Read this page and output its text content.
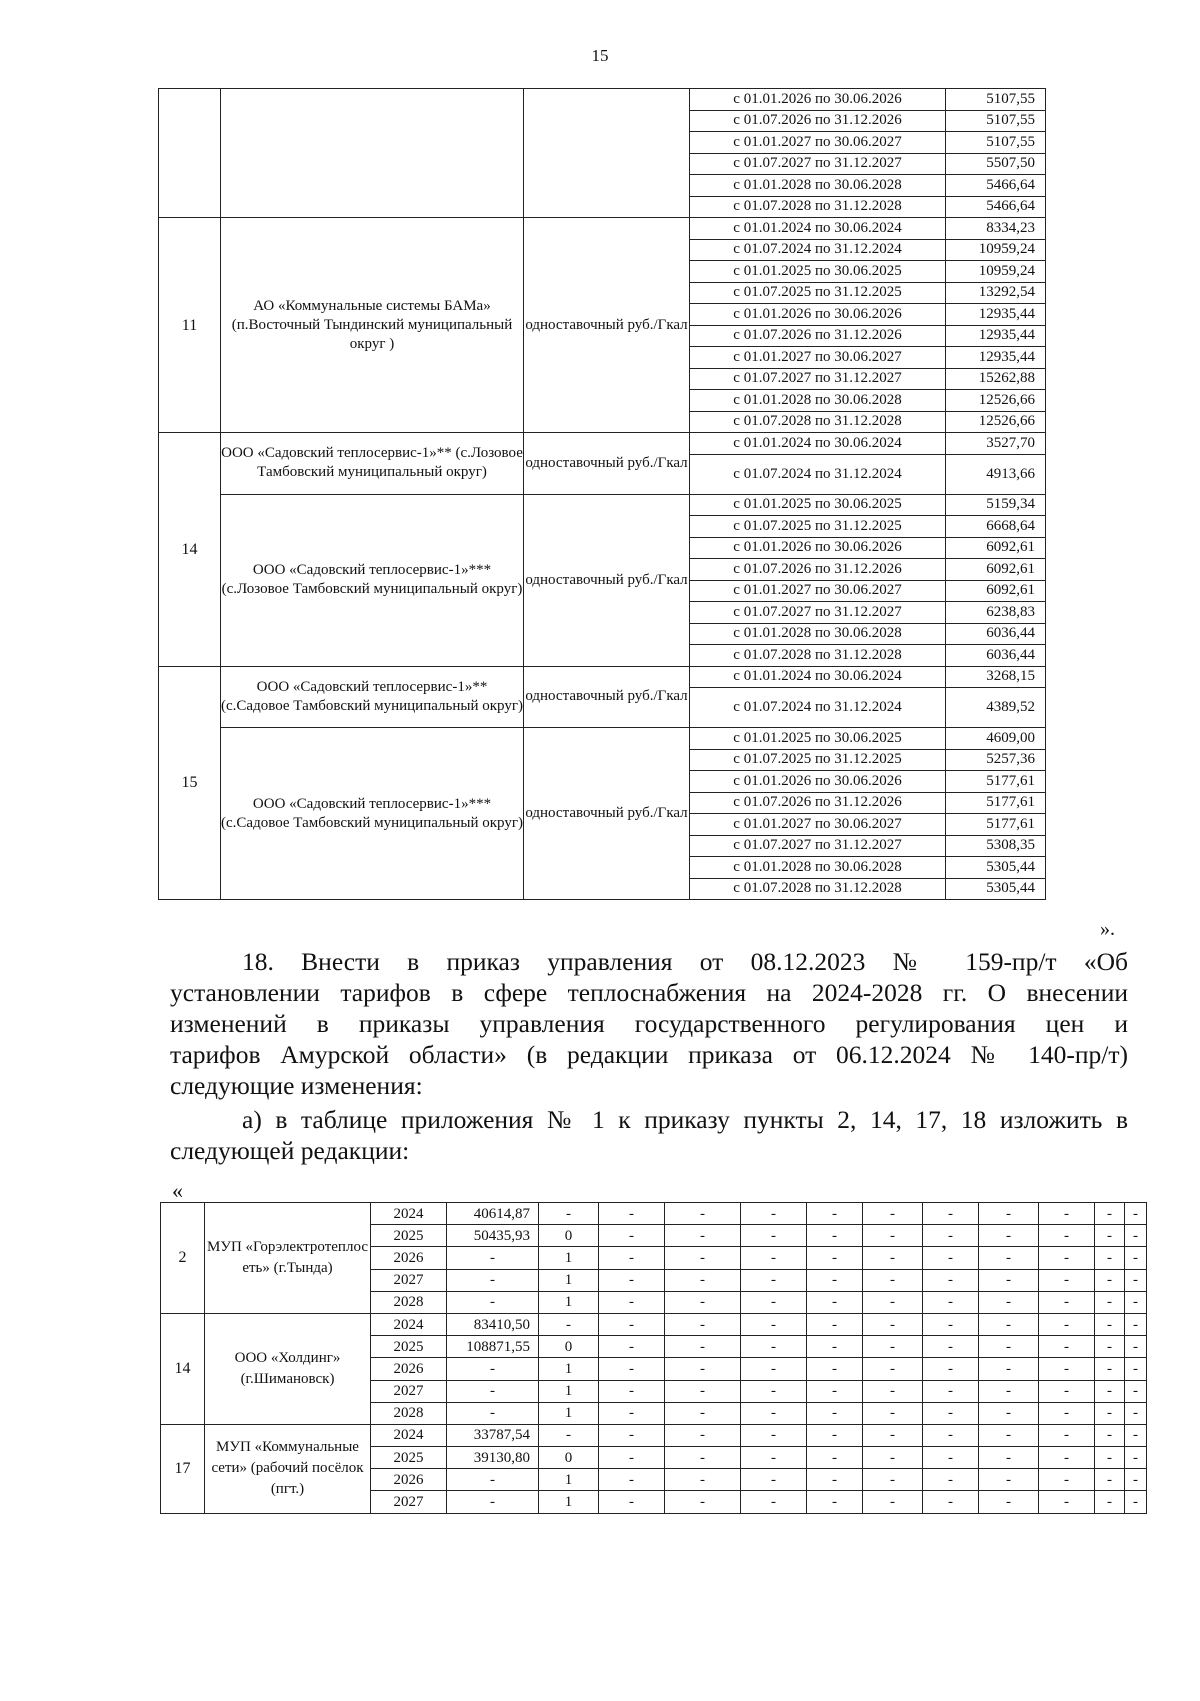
15
			с 01.01.2026 по 30.06.2026	5107,55
			с 01.07.2026 по 31.12.2026	5107,55
			с 01.01.2027 по 30.06.2027	5107,55
			с 01.07.2027 по 31.12.2027	5507,50
			с 01.01.2028 по 30.06.2028	5466,64
			с 01.07.2028 по 31.12.2028	5466,64
11	АО «Коммунальные системы БАМа» (п.Восточный Тындинский муниципальный округ )	одноставочный руб./Гкал	с 01.01.2024 по 30.06.2024	8334,23
			с 01.07.2024 по 31.12.2024	10959,24
			с 01.01.2025 по 30.06.2025	10959,24
			с 01.07.2025 по 31.12.2025	13292,54
			с 01.01.2026 по 30.06.2026	12935,44
			с 01.07.2026 по 31.12.2026	12935,44
			с 01.01.2027 по 30.06.2027	12935,44
			с 01.07.2027 по 31.12.2027	15262,88
			с 01.01.2028 по 30.06.2028	12526,66
			с 01.07.2028 по 31.12.2028	12526,66
14	ООО «Садовский теплосервис-1»** (с.Лозовое Тамбовский муниципальный округ)	одноставочный руб./Гкал	с 01.01.2024 по 30.06.2024	3527,70
			с 01.07.2024 по 31.12.2024	4913,66
	ООО «Садовский теплосервис-1»*** (с.Лозовое Тамбовский муниципальный округ)	одноставочный руб./Гкал	с 01.01.2025 по 30.06.2025	5159,34
			с 01.07.2025 по 31.12.2025	6668,64
			с 01.01.2026 по 30.06.2026	6092,61
			с 01.07.2026 по 31.12.2026	6092,61
			с 01.01.2027 по 30.06.2027	6092,61
			с 01.07.2027 по 31.12.2027	6238,83
			с 01.01.2028 по 30.06.2028	6036,44
			с 01.07.2028 по 31.12.2028	6036,44
15	ООО «Садовский теплосервис-1»** (с.Садовое Тамбовский муниципальный округ)	одноставочный руб./Гкал	с 01.01.2024 по 30.06.2024	3268,15
			с 01.07.2024 по 31.12.2024	4389,52
	ООО «Садовский теплосервис-1»*** (с.Садовое Тамбовский муниципальный округ)	одноставочный руб./Гкал	с 01.01.2025 по 30.06.2025	4609,00
			с 01.07.2025 по 31.12.2025	5257,36
			с 01.01.2026 по 30.06.2026	5177,61
			с 01.07.2026 по 31.12.2026	5177,61
			с 01.01.2027 по 30.06.2027	5177,61
			с 01.07.2027 по 31.12.2027	5308,35
			с 01.01.2028 по 30.06.2028	5305,44
			с 01.07.2028 по 31.12.2028	5305,44
».
18. Внести в приказ управления от 08.12.2023 № 159-пр/т «Об
установлении тарифов в сфере теплоснабжения на 2024-2028 гг. О внесении
изменений в приказы управления государственного регулирования цен и
тарифов Амурской области» (в редакции приказа от 06.12.2024 № 140-пр/т)
следующие изменения:
а) в таблице приложения № 1 к приказу пункты 2, 14, 17, 18 изложить в
следующей редакции:
«
2	МУП «Горэлектротеплос еть» (г.Тында)	2024	40614,87	-	-	-	-	-	-	-	-	-	-	-
		2025	50435,93	0	-	-	-	-	-	-	-	-	-	-
		2026	-	1	-	-	-	-	-	-	-	-	-	-
		2027	-	1	-	-	-	-	-	-	-	-	-	-
		2028	-	1	-	-	-	-	-	-	-	-	-	-
14	ООО «Холдинг» (г.Шимановск)	2024	83410,50	-	-	-	-	-	-	-	-	-	-	-
		2025	108871,55	0	-	-	-	-	-	-	-	-	-	-
		2026	-	1	-	-	-	-	-	-	-	-	-	-
		2027	-	1	-	-	-	-	-	-	-	-	-	-
		2028	-	1	-	-	-	-	-	-	-	-	-	-
17	МУП «Коммунальные сети» (рабочий посёлок (пгт.)	2024	33787,54	-	-	-	-	-	-	-	-	-	-	-
		2025	39130,80	0	-	-	-	-	-	-	-	-	-	-
		2026	-	1	-	-	-	-	-	-	-	-	-	-
		2027	-	1	-	-	-	-	-	-	-	-	-	-
